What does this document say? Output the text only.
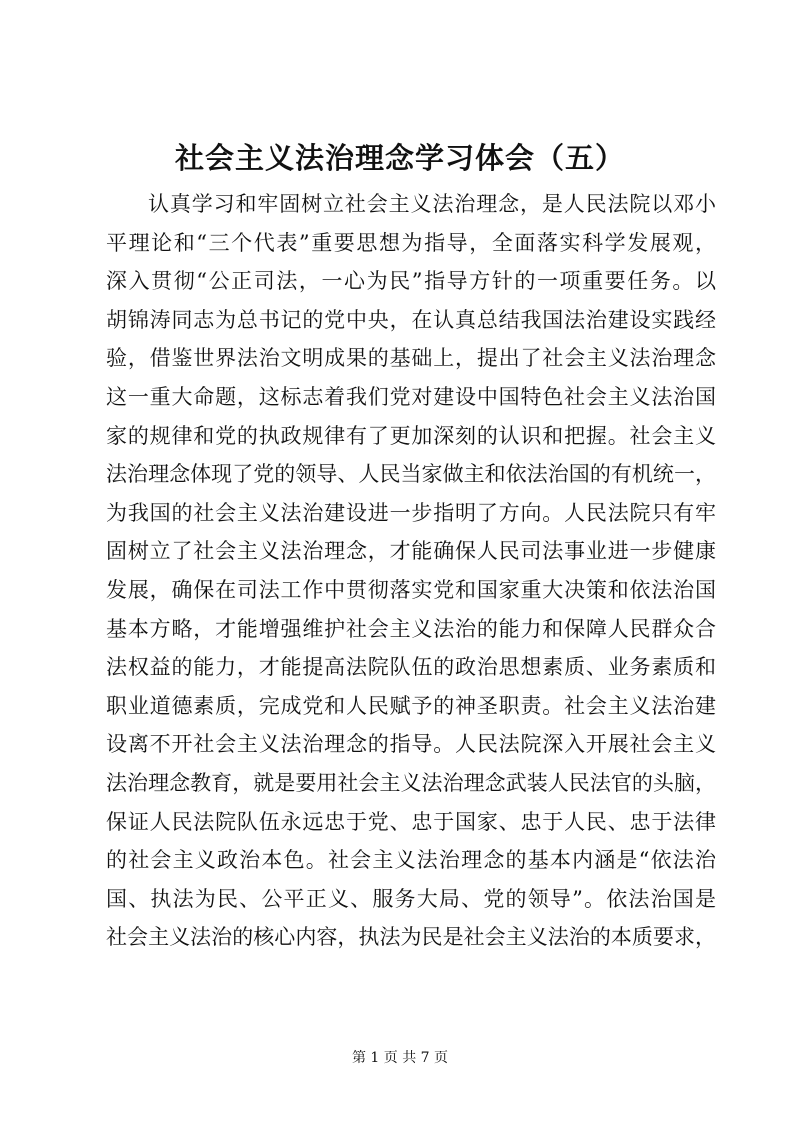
社会主义法治理念学习体会（五）
认真学习和牢固树立社会主义法治理念，是人民法院以邓小
平理论和“三个代表”重要思想为指导，全面落实科学发展观，
深入贯彻“公正司法，一心为民”指导方针的一项重要任务。以
胡锦涛同志为总书记的党中央，在认真总结我国法治建设实践经
验，借鉴世界法治文明成果的基础上，提出了社会主义法治理念
这一重大命题，这标志着我们党对建设中国特色社会主义法治国
家的规律和党的执政规律有了更加深刻的认识和把握。社会主义
法治理念体现了党的领导、人民当家做主和依法治国的有机统一，
为我国的社会主义法治建设进一步指明了方向。人民法院只有牢
固树立了社会主义法治理念，才能确保人民司法事业进一步健康
发展，确保在司法工作中贯彻落实党和国家重大决策和依法治国
基本方略，才能增强维护社会主义法治的能力和保障人民群众合
法权益的能力，才能提高法院队伍的政治思想素质、业务素质和
职业道德素质，完成党和人民赋予的神圣职责。社会主义法治建
设离不开社会主义法治理念的指导。人民法院深入开展社会主义
法治理念教育，就是要用社会主义法治理念武装人民法官的头脑，
保证人民法院队伍永远忠于党、忠于国家、忠于人民、忠于法律
的社会主义政治本色。社会主义法治理念的基本内涵是“依法治
国、执法为民、公平正义、服务大局、党的领导”。依法治国是
社会主义法治的核心内容，执法为民是社会主义法治的本质要求，
第 1 页 共 7 页
